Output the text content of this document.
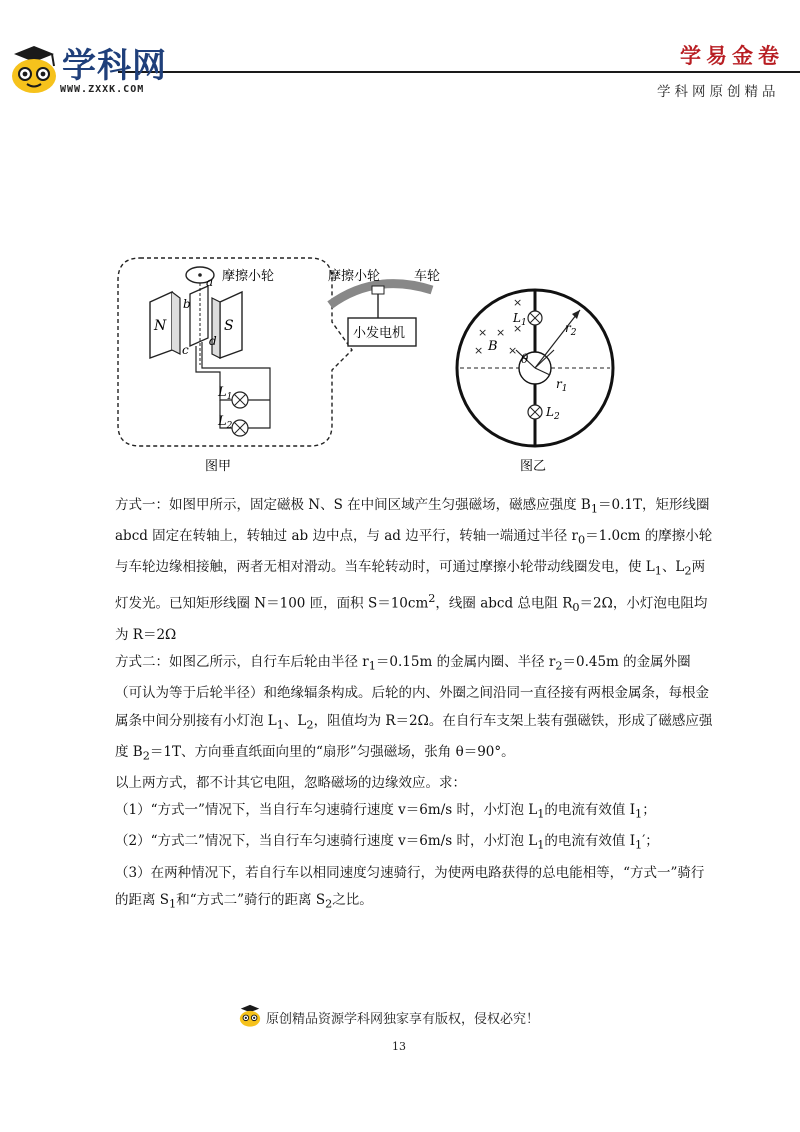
学科网
WWW.ZXXK.COM
学易金卷
学科网原创精品
摩擦小轮
N	S
a
b
c
d
$L_1$
$L_2$
图甲
摩擦小轮	车轮
小发电机
θ
$r_2$
$r_1$
$L_1$
$L_2$
×
× × ×
× ×
B
图乙

方式一：如图甲所示，固定磁极 N、S 在中间区域产生匀强磁场，磁感应强度 $B_1=0.1T$，矩形线圈 abcd 固定在转轴上，转轴过 ab 边中点，与 ad 边平行，转轴一端通过半径 $r_0=1.0cm$ 的摩擦小轮与车轮边缘相接触，两者无相对滑动。当车轮转动时，可通过摩擦小轮带动线圈发电，使 $L_1$、$L_2$两灯发光。已知矩形线圈 N＝100 匝，面积 $S=10cm^2$，线圈 abcd 总电阻 $R_0=2\Omega$，小灯泡电阻均为 R＝2Ω

方式二：如图乙所示，自行车后轮由半径 $r_1=0.15m$ 的金属内圈、半径 $r_2=0.45m$ 的金属外圈（可认为等于后轮半径）和绝缘辐条构成。后轮的内、外圈之间沿同一直径接有两根金属条，每根金属条中间分别接有小灯泡 $L_1$、$L_2$，阻值均为 R＝2Ω。在自行车支架上装有强磁铁，形成了磁感应强度 $B_2=1T$、方向垂直纸面向里的“扇形”匀强磁场，张角 θ＝90°。

以上两方式，都不计其它电阻，忽略磁场的边缘效应。求：

（1）“方式一”情况下，当自行车匀速骑行速度 v＝6m/s 时，小灯泡 $L_1$的电流有效值 $I_1$；

（2）“方式二”情况下，当自行车匀速骑行速度 v＝6m/s 时，小灯泡 $L_1$的电流有效值 $I_1'$；

（3）在两种情况下，若自行车以相同速度匀速骑行，为使两电路获得的总电能相等，“方式一”骑行的距离 $S_1$和“方式二”骑行的距离 $S_2$之比。

原创精品资源学科网独家享有版权，侵权必究！
13
